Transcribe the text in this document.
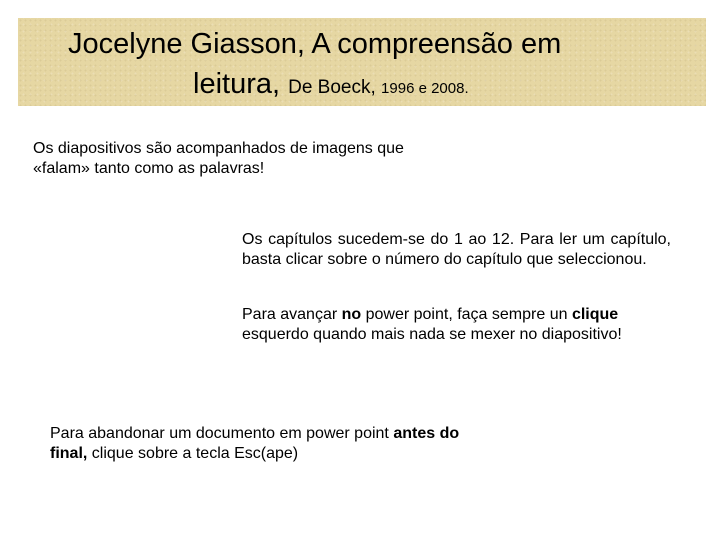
Jocelyne Giasson, A compreensão em
leitura, De Boeck, 1996 e 2008.
Os diapositivos são acompanhados de imagens que «falam» tanto como as palavras!
Os capítulos sucedem-se do 1 ao 12. Para ler um capítulo, basta clicar sobre o número do capítulo que seleccionou.
Para avançar no power point, faça sempre un clique esquerdo quando mais nada se mexer no diapositivo!
Para abandonar um documento em power point antes do final, clique sobre a tecla Esc(ape)
